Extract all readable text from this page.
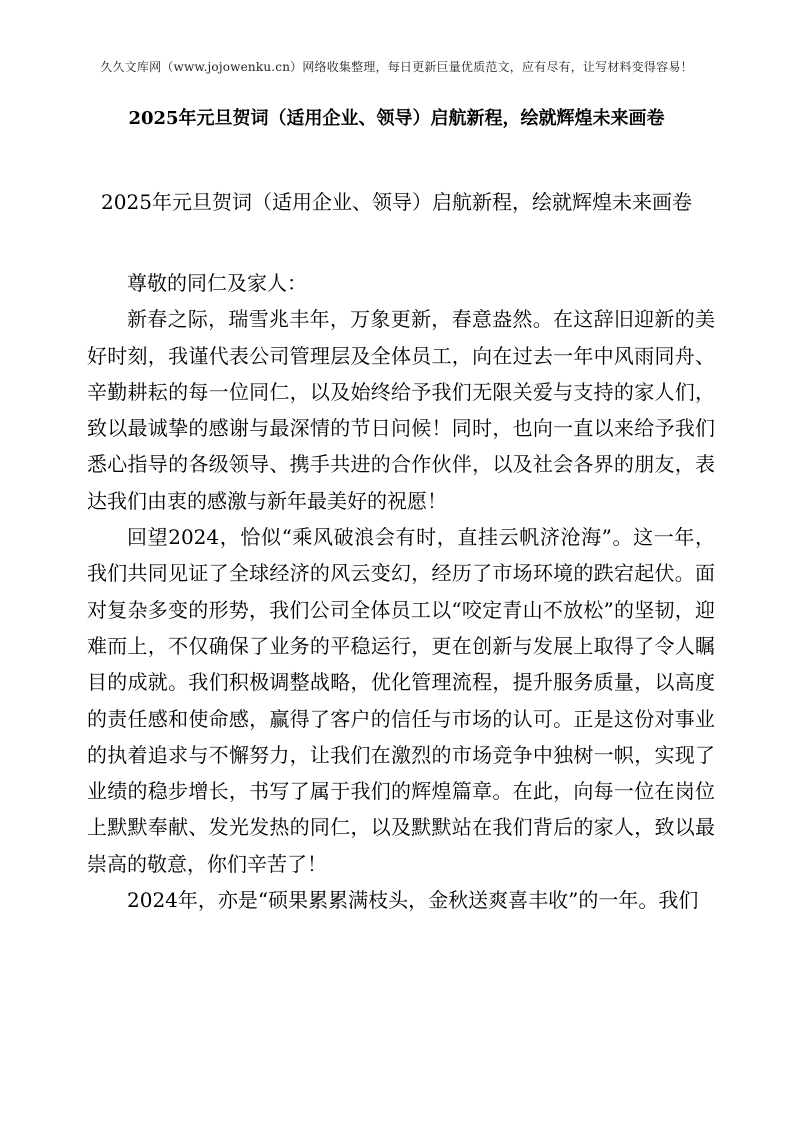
久久文库网（www.jojowenku.cn）网络收集整理，每日更新巨量优质范文，应有尽有，让写材料变得容易！
2025年元旦贺词（适用企业、领导）启航新程，绘就辉煌未来画卷
2025年元旦贺词（适用企业、领导）启航新程，绘就辉煌未来画卷

尊敬的同仁及家人：

新春之际，瑞雪兆丰年，万象更新，春意盎然。在这辞旧迎新的美好时刻，我谨代表公司管理层及全体员工，向在过去一年中风雨同舟、辛勤耕耘的每一位同仁，以及始终给予我们无限关爱与支持的家人们，致以最诚挚的感谢与最深情的节日问候！同时，也向一直以来给予我们悉心指导的各级领导、携手共进的合作伙伴，以及社会各界的朋友，表达我们由衷的感激与新年最美好的祝愿！

回望2024，恰似“乘风破浪会有时，直挂云帆济沧海”。这一年，我们共同见证了全球经济的风云变幻，经历了市场环境的跌宕起伏。面对复杂多变的形势，我们公司全体员工以“咬定青山不放松”的坚韧，迎难而上，不仅确保了业务的平稳运行，更在创新与发展上取得了令人瞩目的成就。我们积极调整战略，优化管理流程，提升服务质量，以高度的责任感和使命感，赢得了客户的信任与市场的认可。正是这份对事业的执着追求与不懈努力，让我们在激烈的市场竞争中独树一帜，实现了业绩的稳步增长，书写了属于我们的辉煌篇章。在此，向每一位在岗位上默默奉献、发光发热的同仁，以及默默站在我们背后的家人，致以最崇高的敬意，你们辛苦了！

2024年，亦是“硕果累累满枝头，金秋送爽喜丰收”的一年。我们
